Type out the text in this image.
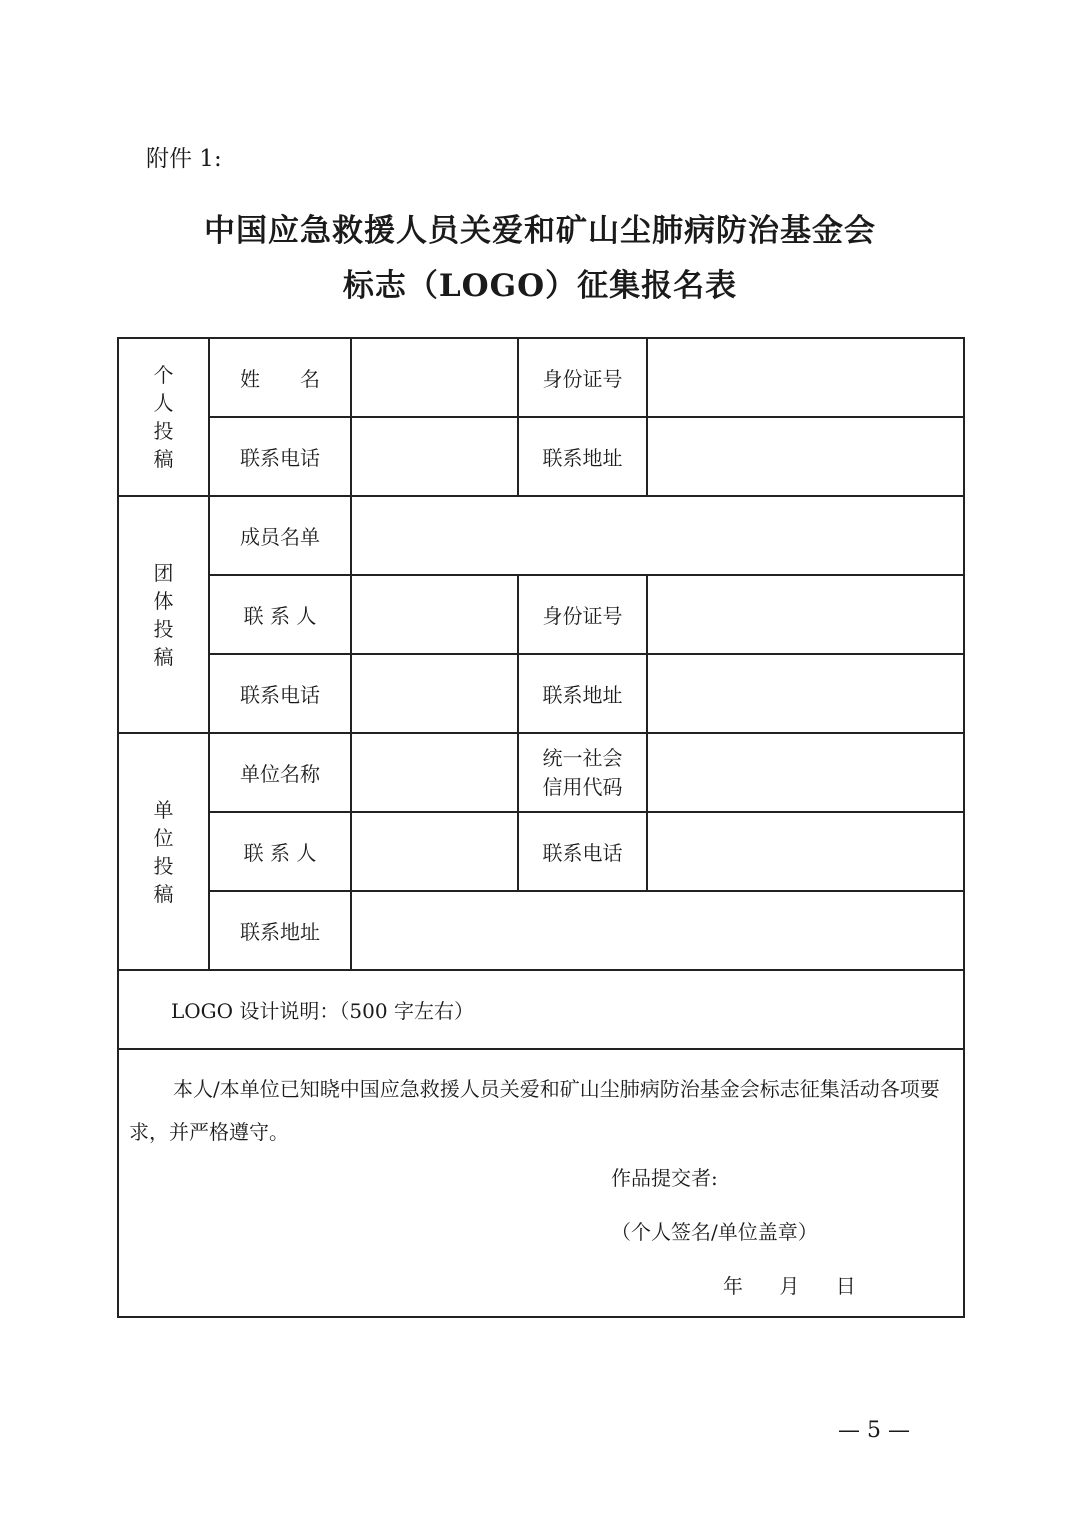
附件 1:
中国应急救援人员关爱和矿山尘肺病防治基金会
标志（LOGO）征集报名表
个人投稿	姓　　名		身份证号	
	联系电话		联系地址	
团体投稿	成员名单			
	联 系 人		身份证号	
	联系电话		联系地址	
单位投稿	单位名称		统一社会
信用代码	

	联 系 人		联系电话	
	联系地址			
LOGO 设计说明：（500 字左右）				

本人/本单位已知晓中国应急救援人员关爱和矿山尘肺病防治基金会标志征集活动各项要求，并严格遵守。
作品提交者:
（个人签名/单位盖章）
年 月 日				
— 5 —
